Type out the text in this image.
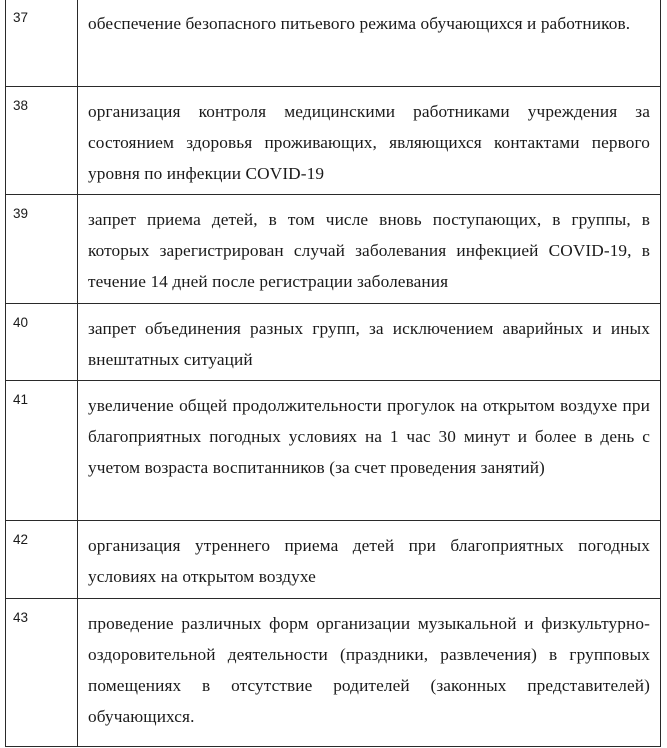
37	обеспечение безопасного питьевого режима обучающихся и работников.

38	организация контроля медицинскими работниками учреждения за состоянием здоровья проживающих, являющихся контактами первого уровня по инфекции COVID-19

39	запрет приема детей, в том числе вновь поступающих, в группы, в которых зарегистрирован случай заболевания инфекцией COVID-19, в течение 14 дней после регистрации заболевания

40	запрет объединения разных групп, за исключением аварийных и иных внештатных ситуаций

41	увеличение общей продолжительности прогулок на открытом воздухе при благоприятных погодных условиях на 1 час 30 минут и более в день с учетом возраста воспитанников (за счет проведения занятий)

42	организация утреннего приема детей при благоприятных погодных условиях на открытом воздухе

43	проведение различных форм организации музыкальной и физкультурно-оздоровительной деятельности (праздники, развлечения) в групповых помещениях в отсутствие родителей (законных представителей) обучающихся.
